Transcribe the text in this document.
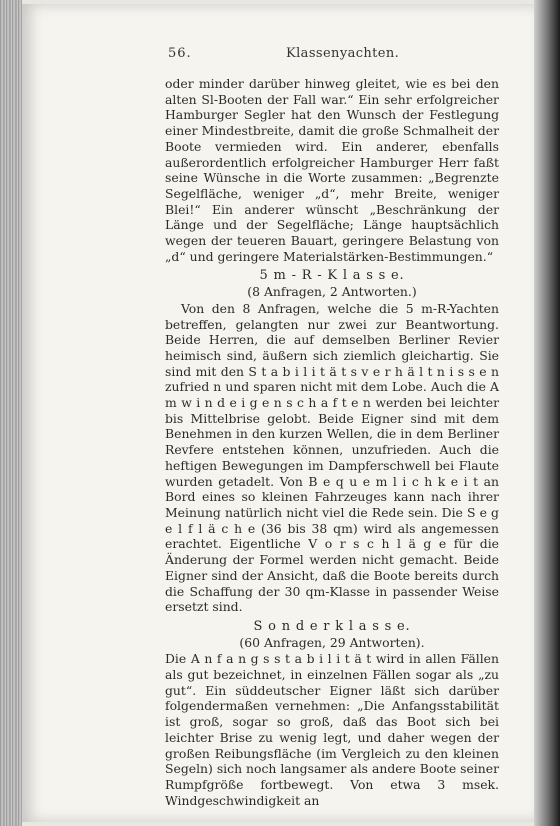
56.	Klassenyachten.

oder minder darüber hinweg gleitet, wie es bei den alten Sl-Booten der Fall war.“ Ein sehr erfolgreicher Hamburger Segler hat den Wunsch der Festlegung einer Mindestbreite, damit die große Schmalheit der Boote vermieden wird. Ein anderer, ebenfalls außerordentlich erfolgreicher Hamburger Herr faßt seine Wünsche in die Worte zusammen: „Begrenzte Segelfläche, weniger „d“, mehr Breite, weniger Blei!“ Ein anderer wünscht „Beschränkung der Länge und der Segelfläche; Länge hauptsächlich wegen der teueren Bauart, geringere Belastung von „d“ und geringere Materialstärken-Bestimmungen.“

5 m - R - K l a s s e.

(8 Anfragen, 2 Antworten.)

Von den 8 Anfragen, welche die 5 m-R-Yachten betreffen, gelangten nur zwei zur Beantwortung. Beide Herren, die auf demselben Berliner Revier heimisch sind, äußern sich ziemlich gleichartig. Sie sind mit den S t a b i l i t ä t s v e r h ä l t n i s s e n zufried n und sparen nicht mit dem Lobe. Auch die A m w i n d e i g e n s c h a f t e n werden bei leichter bis Mittelbrise gelobt. Beide Eigner sind mit dem Benehmen in den kurzen Wellen, die in dem Berliner Revfere entstehen können, unzufrieden. Auch die heftigen Bewegungen im Dampferschwell bei Flaute wurden getadelt. Von B e q u e m l i c h k e i t an Bord eines so kleinen Fahrzeuges kann nach ihrer Meinung natürlich nicht viel die Rede sein. Die S e g e l f l ä c h e (36 bis 38 qm) wird als angemessen erachtet. Eigentliche V o r s c h l ä g e für die Änderung der Formel werden nicht gemacht. Beide Eigner sind der Ansicht, daß die Boote bereits durch die Schaffung der 30 qm-Klasse in passender Weise ersetzt sind.

S o n d e r k l a s s e.

(60 Anfragen, 29 Antworten).

Die A n f a n g s s t a b i l i t ä t wird in allen Fällen als gut bezeichnet, in einzelnen Fällen sogar als „zu gut“. Ein süddeutscher Eigner läßt sich darüber folgendermaßen vernehmen: „Die Anfangsstabilität ist groß, sogar so groß, daß das Boot sich bei leichter Brise zu wenig legt, und daher wegen der großen Reibungsfläche (im Vergleich zu den kleinen Segeln) sich noch langsamer als andere Boote seiner Rumpfgröße fortbewegt. Von etwa 3 msek. Windgeschwindigkeit an
